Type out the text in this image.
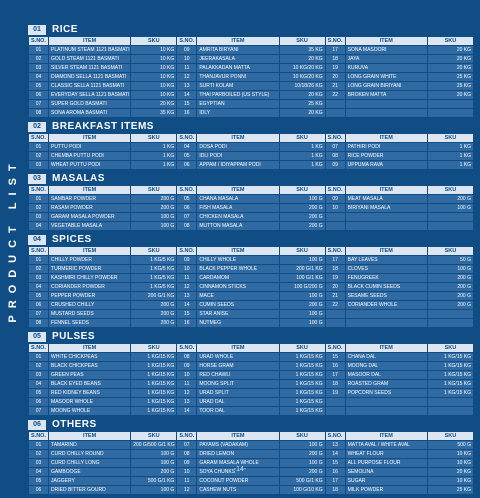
PRODUCT LIST
01	RICE
S.NO.	ITEM	SKU	S.NO.	ITEM	SKU	S.NO.	ITEM	SKU
01	PLATINUM STEAM 1121 BASMATI	10 KG	09	AMRITA BIRYANI	35 KG	17	SONA MASOORI	20 KG
02	GOLD STEAM 1121 BASMATI	10 KG	10	JEERAKASALA	20 KG	18	JAYA	20 KG
03	SILVER STEAM 1121 BASMATI	10 KG	11	PALAKKADAN MATTA	10 KG/20 KG	19	KURUVA	20 KG
04	DIAMOND SELLA 1121 BASMATI	10 KG	12	THANJAVUR PONNI	10 KG/20 KG	20	LONG GRAIN WHITE	25 KG
05	CLASSIC SELLA 1121 BASMATI	10 KG	13	SURTI KOLAM	10/18/26 KG	21	LONG GRAIN BIRIYANI	25 KG
06	EVERYDAY SELLA 1121 BASMATI	10 KG	14	THAI PARBOILED (US STYLE)	20 KG	22	BROKEN MATTA	20 KG
07	SUPER GOLD BASMATI	20 KG	15	EGYPTIAN	25 KG			
08	SONA AROMA BASMATI	35 KG	16	IDLY	20 KG			
02	BREAKFAST ITEMS
S.NO.	ITEM	SKU	S.NO.	ITEM	SKU	S.NO.	ITEM	SKU
01	PUTTU PODI	1 KG	04	DOSA PODI	1 KG	07	PATHIRI PODI	1 KG
02	CHEMBA PUTTU PODI	1 KG	05	IDLI PODI	1 KG	08	RICE POWDER	1 KG
03	WHEAT PUTTU PODI	1 KG	06	APPAM / IDIYAPPAM PODI	1 KG	09	UPPUMA RAVA	1 KG
03	MASALAS
S.NO.	ITEM	SKU	S.NO.	ITEM	SKU	S.NO.	ITEM	SKU
01	SAMBAR POWDER	200 G	05	CHANA MASALA	100 G	09	MEAT MASALA	200 G
02	RASAM POWDER	200 G	06	FISH MASALA	200 G	10	BIRIYANI MASALA	100 G
03	GARAM MASALA POWDER	100 G	07	CHICKEN MASALA	200 G			
04	VEGETABLE MASALA	100 G	08	MUTTON MASALA	200 G			
04	SPICES
S.NO.	ITEM	SKU	S.NO.	ITEM	SKU	S.NO.	ITEM	SKU
01	CHILLY POWDER	1 KG/5 KG	09	CHILLY WHOLE	100 G	17	BAY LEAVES	50 G
02	TURMERIC POWDER	1 KG/5 KG	10	BLACK PEPPER WHOLE	200 G/1 KG	18	CLOVES	100 G
03	KASHMIRI CHILLY POWDER	1 KG/5 KG	11	CARDAMOM	100 G/1 KG	19	FENUGREEK	200 G
04	CORIANDER POWDER	1 KG/5 KG	12	CINNAMON STICKS	100 G/200 G	20	BLACK CUMIN SEEDS	200 G
05	PEPPER POWDER	200 G/1 KG	13	MACE	100 G	21	SESAME SEEDS	200 G
06	CRUSHED CHILLY	200 G	14	CUMIN SEEDS	200 G	22	CORIANDER WHOLE	200 G
07	MUSTARD SEEDS	200 G	15	STAR ANISE	100 G			
08	FENNEL SEEDS	200 G	16	NUTMEG	100 G			
05	PULSES
S.NO.	ITEM	SKU	S.NO.	ITEM	SKU	S.NO.	ITEM	SKU
01	WHITE CHICKPEAS	1 KG/15 KG	08	URAD WHOLE	1 KG/15 KG	15	CHANA DAL	1 KG/15 KG
02	BLACK CHICKPEAS	1 KG/15 KG	09	HORSE GRAM	1 KG/15 KG	16	MOONG DAL	1 KG/15 KG
03	GREEN PEAS	1 KG/15 KG	10	RED CHAWLI	1 KG/15 KG	17	MASOOR DAL	1 KG/15 KG
04	BLACK EYED BEANS	1 KG/15 KG	11	MOONG SPLIT	1 KG/15 KG	18	ROASTED GRAM	1 KG/15 KG
05	RED KIDNEY BEANS	1 KG/15 KG	12	URAD SPLIT	1 KG/15 KG	19	POPCORN SEEDS	1 KG/15 KG
06	MASOOR WHOLE	1 KG/15 KG	13	URAD DAL	1 KG/15 KG			
07	MOONG WHOLE	1 KG/15 KG	14	TOOR DAL	1 KG/15 KG			
06	OTHERS
S.NO.	ITEM	SKU	S.NO.	ITEM	SKU	S.NO.	ITEM	SKU
01	TAMARIND	200 G/500 G/1 KG	07	PAYAMS (VADAKAM)	100 G	13	MATTA AVAL / WHITE AVAL	500 G
02	CURD CHILLY ROUND	100 G	08	DRIED LEMON	200 G	14	WHEAT FLOUR	10 KG
03	CURD CHILLY LONG	100 G	09	GARAM MASALA WHOLE	100 G	15	ALL PURPOSE FLOUR	10 KG
04	GAMBOOGE	200 G	10	SOYA CHUNKS	200 G	16	SEMOLINA	20 KG
05	JAGGERY	500 G/1 KG	11	COCONUT POWDER	500 G/1 KG	17	SUGAR	10 KG
06	DRIED BITTER GOURD	100 G	12	CASHEW NUTS	100 G/10 KG	18	MILK POWDER	25 KG
-14-
